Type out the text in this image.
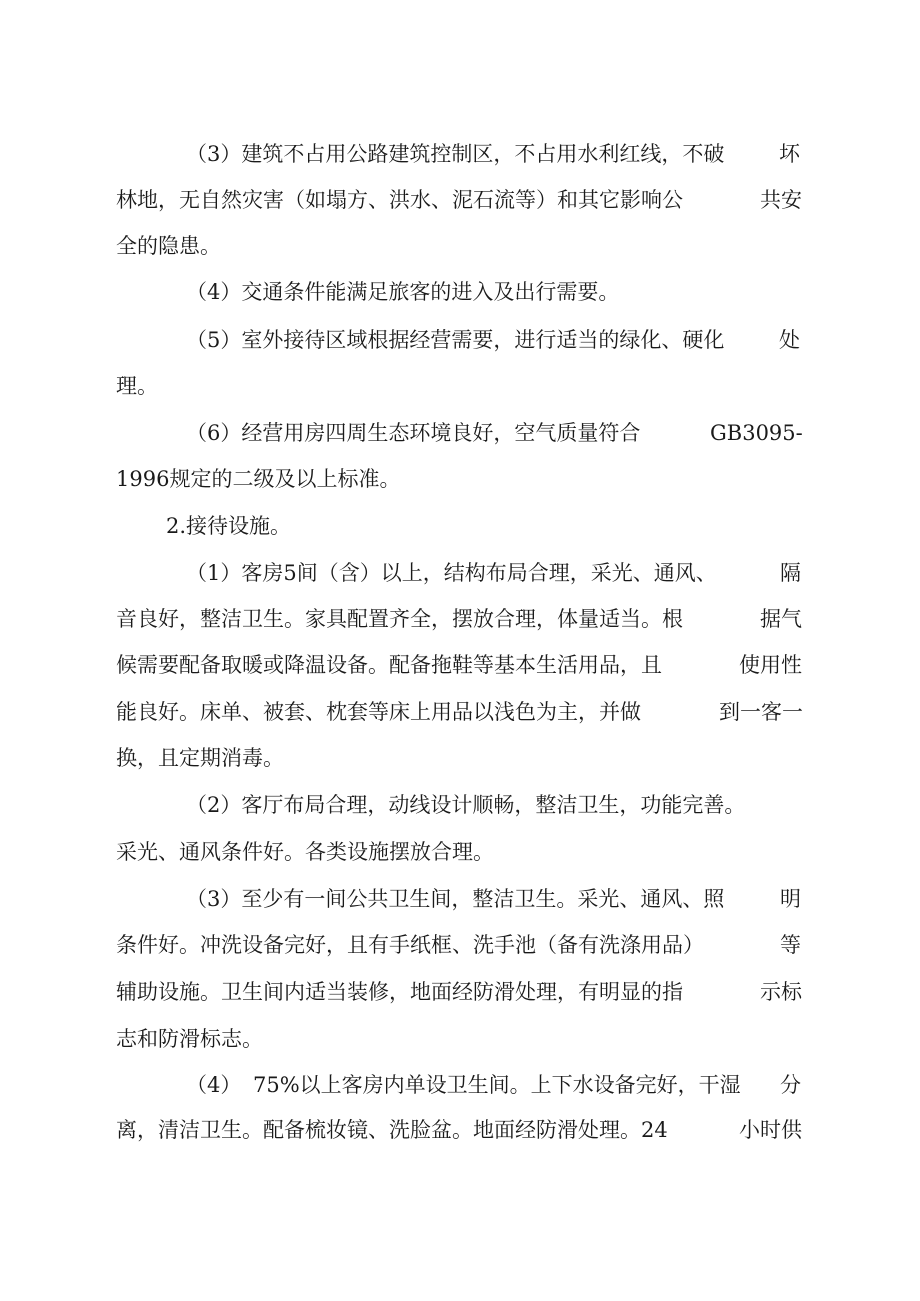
（3）建筑不占用公路建筑控制区，不占用水利红线，不破	坏
林地，无自然灾害（如塌方、洪水、泥石流等）和其它影响公	共安
全的隐患。
（4）交通条件能满足旅客的进入及出行需要。
（5）室外接待区域根据经营需要，进行适当的绿化、硬化	处
理。
（6）经营用房四周生态环境良好，空气质量符合	GB3095-
1996规定的二级及以上标准。
2.接待设施。
（1）客房5间（含）以上，结构布局合理，采光、通风、	隔
音良好，整洁卫生。家具配置齐全，摆放合理，体量适当。根	据气
候需要配备取暖或降温设备。配备拖鞋等基本生活用品，且	使用性
能良好。床单、被套、枕套等床上用品以浅色为主，并做	到一客一
换，且定期消毒。
（2）客厅布局合理，动线设计顺畅，整洁卫生，功能完善。
采光、通风条件好。各类设施摆放合理。
（3）至少有一间公共卫生间，整洁卫生。采光、通风、照	明
条件好。冲洗设备完好，且有手纸框、洗手池（备有洗涤用品）	等
辅助设施。卫生间内适当装修，地面经防滑处理，有明显的指	示标
志和防滑标志。
（4） 75%以上客房内单设卫生间。上下水设备完好，干湿 分
离，清洁卫生。配备梳妆镜、洗脸盆。地面经防滑处理。24	小时供
